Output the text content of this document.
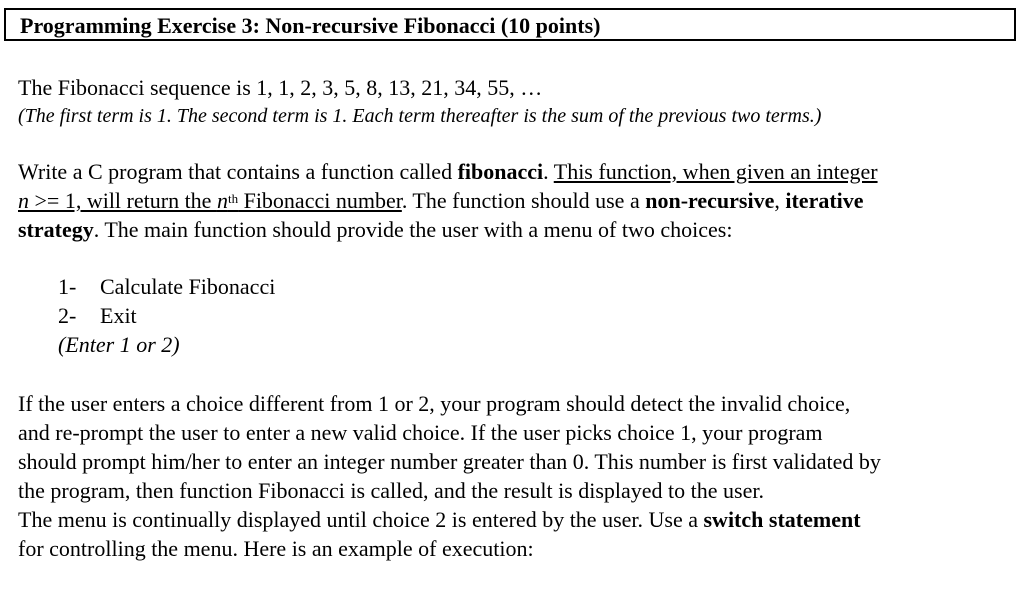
Programming Exercise 3: Non-recursive Fibonacci (10 points)
The Fibonacci sequence is 1, 1, 2, 3, 5, 8, 13, 21, 34, 55, …
(The first term is 1. The second term is 1. Each term thereafter is the sum of the previous two terms.)
Write a C program that contains a function called fibonacci. This function, when given an integer
n >= 1, will return the $n^{th}$ Fibonacci number. The function should use a non-recursive, iterative
strategy. The main function should provide the user with a menu of two choices:
1- Calculate Fibonacci
2- Exit
(Enter 1 or 2)
If the user enters a choice different from 1 or 2, your program should detect the invalid choice,
and re-prompt the user to enter a new valid choice. If the user picks choice 1, your program
should prompt him/her to enter an integer number greater than 0. This number is first validated by
the program, then function Fibonacci is called, and the result is displayed to the user.
The menu is continually displayed until choice 2 is entered by the user. Use a switch statement
for controlling the menu. Here is an example of execution:
